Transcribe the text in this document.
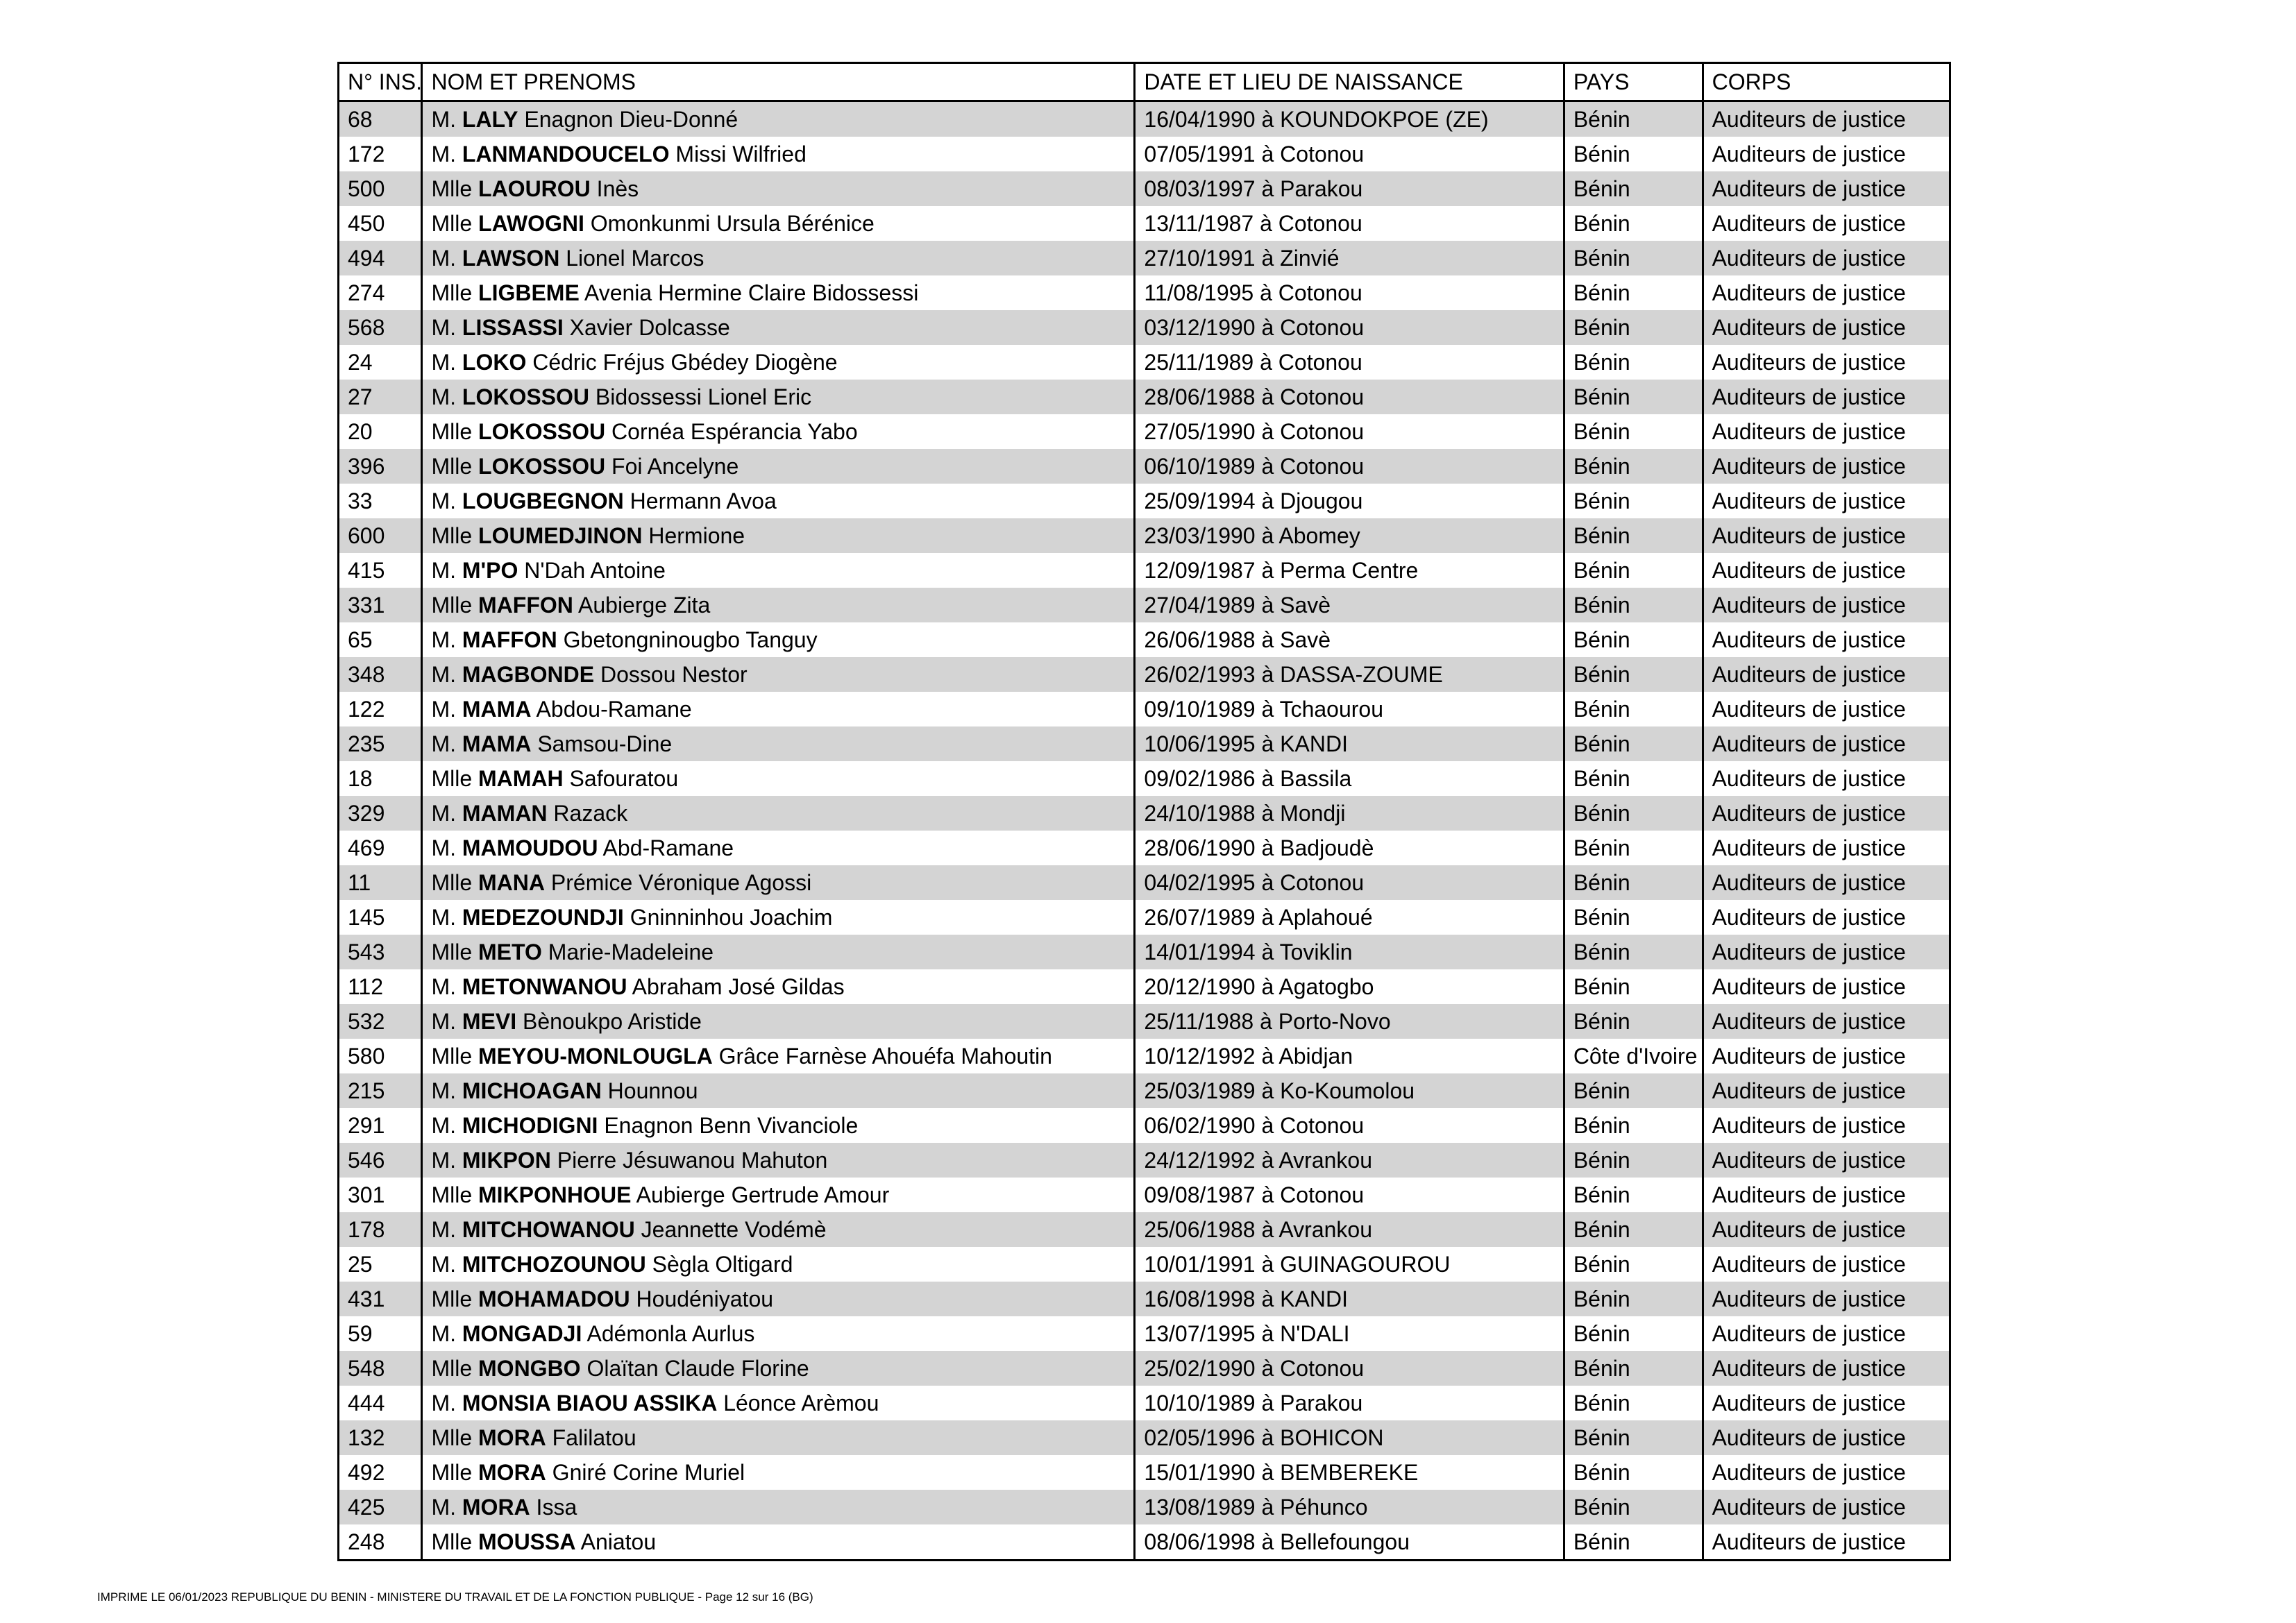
N° INS.	NOM ET PRENOMS	DATE ET LIEU DE NAISSANCE	PAYS	CORPS
68	M. LALY Enagnon Dieu-Donné	16/04/1990 à KOUNDOKPOE (ZE)	Bénin	Auditeurs de justice
172	M. LANMANDOUCELO Missi Wilfried	07/05/1991 à Cotonou	Bénin	Auditeurs de justice
500	Mlle LAOUROU Inès	08/03/1997 à Parakou	Bénin	Auditeurs de justice
450	Mlle LAWOGNI Omonkunmi Ursula Bérénice	13/11/1987 à Cotonou	Bénin	Auditeurs de justice
494	M. LAWSON Lionel Marcos	27/10/1991 à Zinvié	Bénin	Auditeurs de justice
274	Mlle LIGBEME Avenia Hermine Claire Bidossessi	11/08/1995 à Cotonou	Bénin	Auditeurs de justice
568	M. LISSASSI Xavier Dolcasse	03/12/1990 à Cotonou	Bénin	Auditeurs de justice
24	M. LOKO Cédric Fréjus Gbédey Diogène	25/11/1989 à Cotonou	Bénin	Auditeurs de justice
27	M. LOKOSSOU Bidossessi Lionel Eric	28/06/1988 à Cotonou	Bénin	Auditeurs de justice
20	Mlle LOKOSSOU Cornéa Espérancia Yabo	27/05/1990 à Cotonou	Bénin	Auditeurs de justice
396	Mlle LOKOSSOU Foi Ancelyne	06/10/1989 à Cotonou	Bénin	Auditeurs de justice
33	M. LOUGBEGNON Hermann Avoa	25/09/1994 à Djougou	Bénin	Auditeurs de justice
600	Mlle LOUMEDJINON Hermione	23/03/1990 à Abomey	Bénin	Auditeurs de justice
415	M. M'PO N'Dah Antoine	12/09/1987 à Perma Centre	Bénin	Auditeurs de justice
331	Mlle MAFFON Aubierge Zita	27/04/1989 à Savè	Bénin	Auditeurs de justice
65	M. MAFFON Gbetongninougbo Tanguy	26/06/1988 à Savè	Bénin	Auditeurs de justice
348	M. MAGBONDE Dossou Nestor	26/02/1993 à DASSA-ZOUME	Bénin	Auditeurs de justice
122	M. MAMA Abdou-Ramane	09/10/1989 à Tchaourou	Bénin	Auditeurs de justice
235	M. MAMA Samsou-Dine	10/06/1995 à KANDI	Bénin	Auditeurs de justice
18	Mlle MAMAH Safouratou	09/02/1986 à Bassila	Bénin	Auditeurs de justice
329	M. MAMAN Razack	24/10/1988 à Mondji	Bénin	Auditeurs de justice
469	M. MAMOUDOU Abd-Ramane	28/06/1990 à Badjoudè	Bénin	Auditeurs de justice
11	Mlle MANA Prémice Véronique Agossi	04/02/1995 à Cotonou	Bénin	Auditeurs de justice
145	M. MEDEZOUNDJI Gninninhou Joachim	26/07/1989 à Aplahoué	Bénin	Auditeurs de justice
543	Mlle METO Marie-Madeleine	14/01/1994 à Toviklin	Bénin	Auditeurs de justice
112	M. METONWANOU Abraham José Gildas	20/12/1990 à Agatogbo	Bénin	Auditeurs de justice
532	M. MEVI Bènoukpo Aristide	25/11/1988 à Porto-Novo	Bénin	Auditeurs de justice
580	Mlle MEYOU-MONLOUGLA Grâce Farnèse Ahouéfa Mahoutin	10/12/1992 à Abidjan	Côte d'Ivoire	Auditeurs de justice
215	M. MICHOAGAN Hounnou	25/03/1989 à Ko-Koumolou	Bénin	Auditeurs de justice
291	M. MICHODIGNI Enagnon Benn Vivanciole	06/02/1990 à Cotonou	Bénin	Auditeurs de justice
546	M. MIKPON Pierre Jésuwanou Mahuton	24/12/1992 à Avrankou	Bénin	Auditeurs de justice
301	Mlle MIKPONHOUE Aubierge Gertrude Amour	09/08/1987 à Cotonou	Bénin	Auditeurs de justice
178	M. MITCHOWANOU Jeannette Vodémè	25/06/1988 à Avrankou	Bénin	Auditeurs de justice
25	M. MITCHOZOUNOU Sègla Oltigard	10/01/1991 à GUINAGOUROU	Bénin	Auditeurs de justice
431	Mlle MOHAMADOU Houdéniyatou	16/08/1998 à KANDI	Bénin	Auditeurs de justice
59	M. MONGADJI Adémonla Aurlus	13/07/1995 à N'DALI	Bénin	Auditeurs de justice
548	Mlle MONGBO Olaïtan Claude Florine	25/02/1990 à Cotonou	Bénin	Auditeurs de justice
444	M. MONSIA BIAOU ASSIKA Léonce Arèmou	10/10/1989 à Parakou	Bénin	Auditeurs de justice
132	Mlle MORA Falilatou	02/05/1996 à BOHICON	Bénin	Auditeurs de justice
492	Mlle MORA Gniré Corine Muriel	15/01/1990 à BEMBEREKE	Bénin	Auditeurs de justice
425	M. MORA Issa	13/08/1989 à Péhunco	Bénin	Auditeurs de justice
248	Mlle MOUSSA Aniatou	08/06/1998 à Bellefoungou	Bénin	Auditeurs de justice
IMPRIME LE 06/01/2023 REPUBLIQUE DU BENIN - MINISTERE DU TRAVAIL ET DE LA FONCTION PUBLIQUE - Page 12 sur 16 (BG)
